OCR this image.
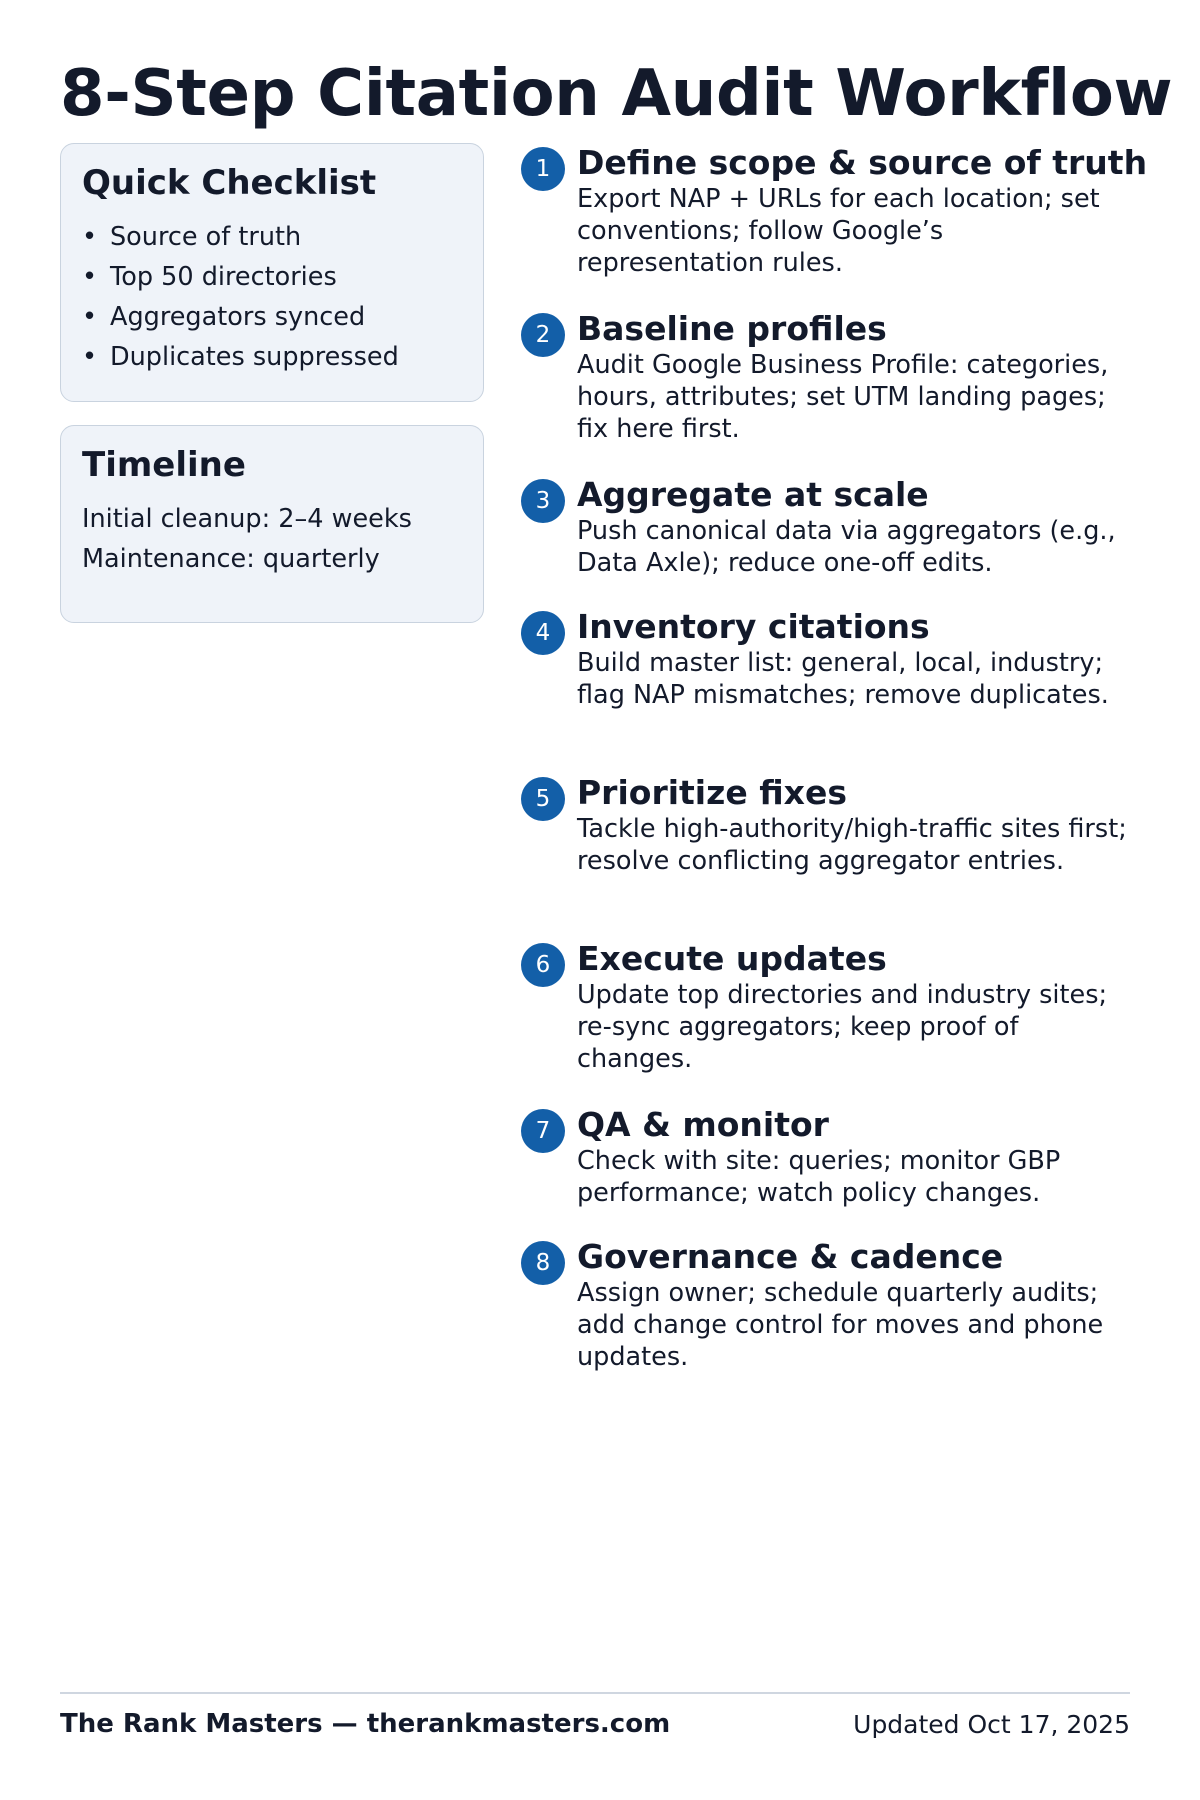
8-Step Citation Audit Workflow
Quick Checklist
• Source of truth
• Top 50 directories
• Aggregators synced
• Duplicates suppressed
Timeline
Initial cleanup: 2–4 weeks
Maintenance: quarterly
1 Define scope & source of truth

Export NAP + URLs for each location; set conventions; follow Google’s representation rules.

2 Baseline profiles

Audit Google Business Profile: categories, hours, attributes; set UTM landing pages; fix here first.

3 Aggregate at scale

Push canonical data via aggregators (e.g., Data Axle); reduce one-off edits.

4 Inventory citations

Build master list: general, local, industry; flag NAP mismatches; remove duplicates.

5 Prioritize fixes

Tackle high-authority/high-traffic sites first; resolve conflicting aggregator entries.

6 Execute updates

Update top directories and industry sites; re-sync aggregators; keep proof of changes.

7 QA & monitor

Check with site: queries; monitor GBP performance; watch policy changes.

8 Governance & cadence

Assign owner; schedule quarterly audits; add change control for moves and phone updates.

The Rank Masters — therankmasters.com	Updated Oct 17, 2025
